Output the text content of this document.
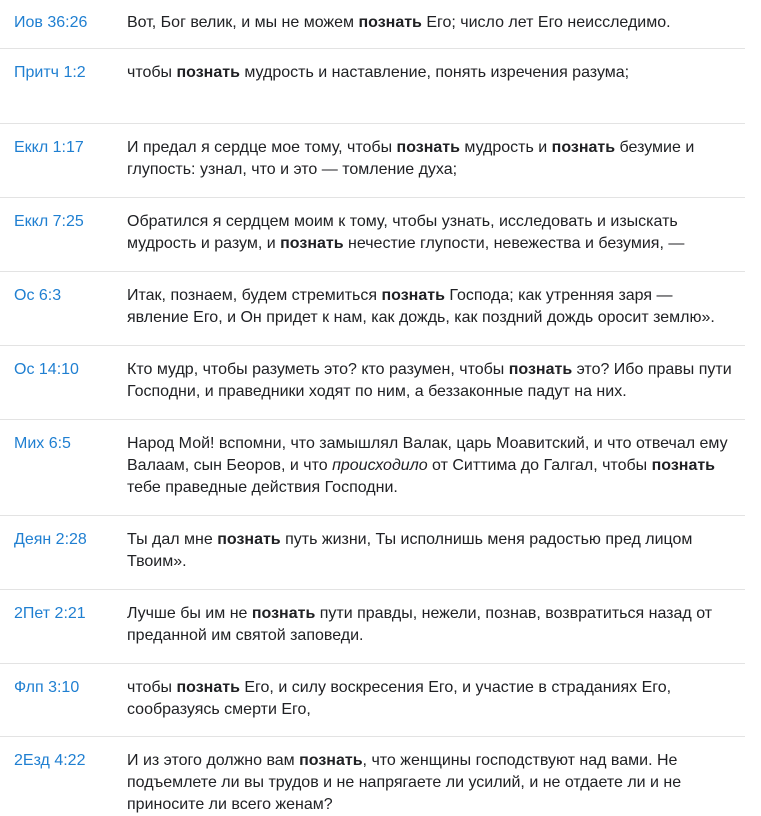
Иов 36:26	Вот, Бог велик, и мы не можем познать Его; число лет Его неисследимо.
Притч 1:2	чтобы познать мудрость и наставление, понять изречения разума;
Еккл 1:17	И предал я сердце мое тому, чтобы познать мудрость и познать безумие и глупость: узнал, что и это — томление духа;
Еккл 7:25	Обратился я сердцем моим к тому, чтобы узнать, исследовать и изыскать мудрость и разум, и познать нечестие глупости, невежества и безумия, —
Ос 6:3	Итак, познаем, будем стремиться познать Господа; как утренняя заря — явление Его, и Он придет к нам, как дождь, как поздний дождь оросит землю».
Ос 14:10	Кто мудр, чтобы разуметь это? кто разумен, чтобы познать это? Ибо правы пути Господни, и праведники ходят по ним, а беззаконные падут на них.
Мих 6:5	Народ Мой! вспомни, что замышлял Валак, царь Моавитский, и что отвечал ему Валаам, сын Беоров, и что происходило от Ситтима до Галгал, чтобы познать тебе праведные действия Господни.
Деян 2:28	Ты дал мне познать путь жизни, Ты исполнишь меня радостью пред лицом Твоим».
2Пет 2:21	Лучше бы им не познать пути правды, нежели, познав, возвратиться назад от преданной им святой заповеди.
Флп 3:10	чтобы познать Его, и силу воскресения Его, и участие в страданиях Его, сообразуясь смерти Его,
2Езд 4:22	И из этого должно вам познать, что женщины господствуют над вами. Не подъемлете ли вы трудов и не напрягаете ли усилий, и не отдаете ли и не приносите ли всего женам?
